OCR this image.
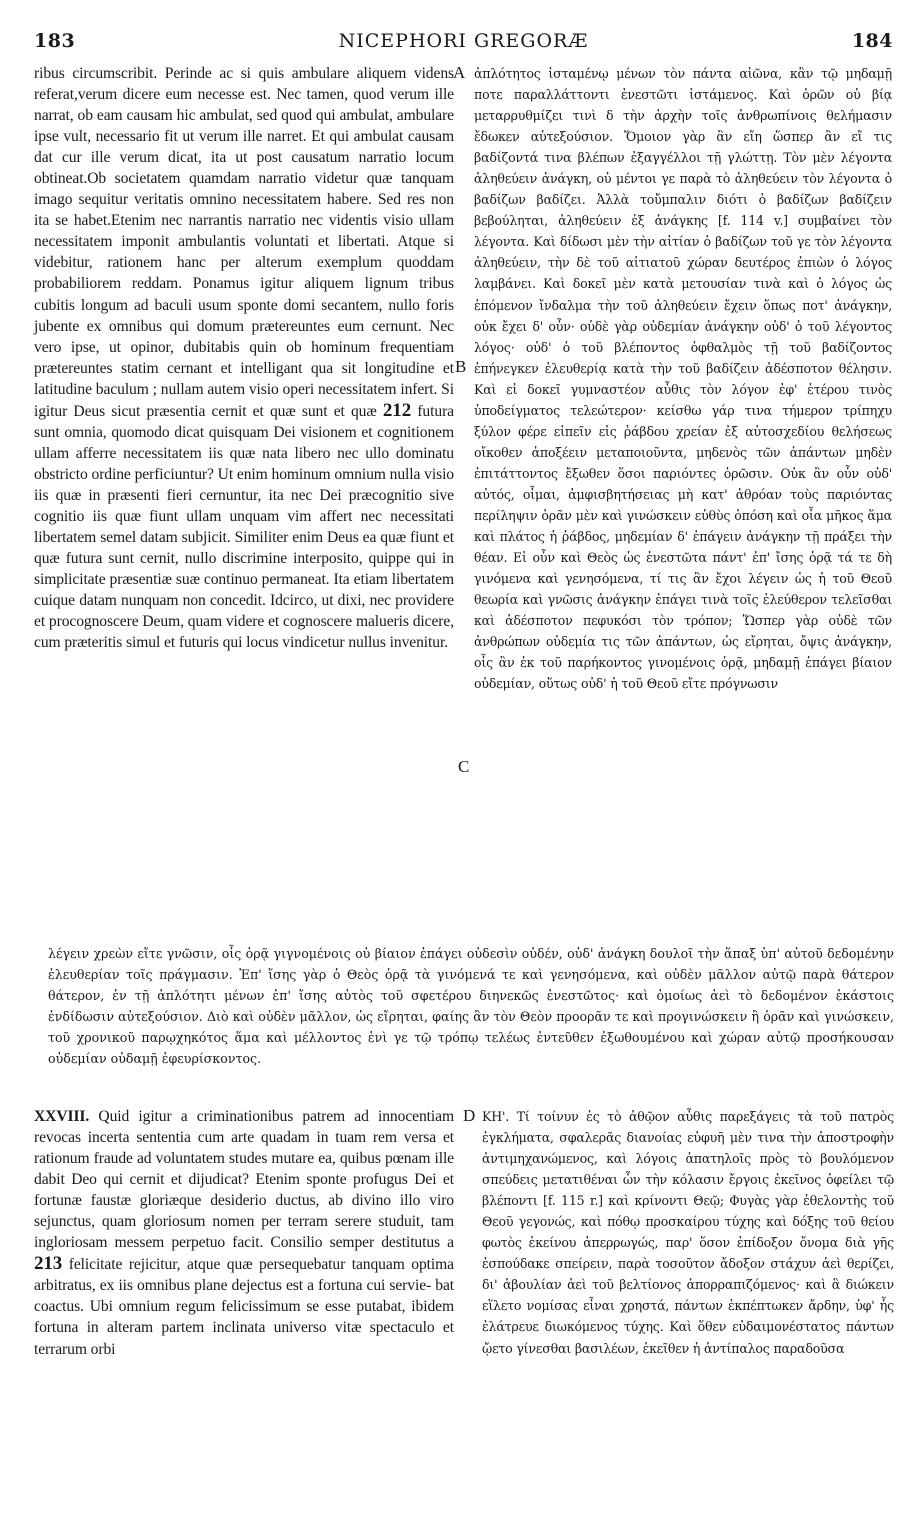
183	NICEPHORI GREGORÆ	184
ribus circumscribit. Perinde ac si quis ambulare aliquem videns referat,verum dicere eum necesse est. Nec tamen, quod verum ille narrat, ob eam causam hic ambulat, sed quod qui ambulat, ambulare ipse vult, necessario fit ut verum ille narret. Et qui ambulat causam dat cur ille verum dicat, ita ut post causatum narratio locum obtineat.Ob societatem quamdam narratio videtur quæ tanquam imago sequitur veritatis omnino necessitatem habere. Sed res non ita se habet.Etenim nec narrantis narratio nec videntis visio ullam necessitatem imponit ambulantis voluntati et libertati. Atque si videbitur, rationem hanc per alterum exemplum quoddam probabiliorem reddam. Ponamus igitur aliquem lignum tribus cubitis longum ad baculi usum sponte domi secantem, nullo foris jubente ex omnibus qui domum prætereuntes eum cernunt. Nec vero ipse, ut opinor, dubitabis quin ob hominum frequentiam prætereuntes statim cernant et intelligant qua sit longitudine et latitudine baculum ; nullam autem visio operi necessitatem infert. Si igitur Deus sicut præsentia cernit et quæ sunt et quæ 212 futura sunt omnia, quomodo dicat quisquam Dei visionem et cognitionem ullam afferre necessitatem iis quæ nata libero nec ullo dominatu obstricto ordine perficiuntur? Ut enim hominum omnium nulla visio iis quæ in præsenti fieri cernuntur, ita nec Dei præcognitio sive cognitio iis quæ fiunt ullam unquam vim affert nec necessitati libertatem semel datam subjicit. Similiter enim Deus ea quæ fiunt et quæ futura sunt cernit, nullo discrimine interposito, quippe qui in simplicitate præsentiæ suæ continuo permaneat. Ita etiam libertatem cuique datam nunquam non concedit. Idcirco, ut dixi, nec providere et procognoscere Deum, quam videre et cognoscere malueris dicere, cum præteritis simul et futuris qui locus vindicetur nullus invenitur.
A
B
C
D
ἀπλότητος ἱσταμένῳ μένων τὸν πάντα αἰῶνα, κἂν τῷ μηδαμῇ ποτε παραλλάττοντι ἐνεστῶτι ἱστάμενος. Καὶ ὁρῶν οὐ βίᾳ μεταρρυθμίζει τινὶ δ τὴν ἀρχὴν τοῖς ἀνθρωπίνοις θελήμασιν ἔδωκεν αὐτεξούσιον. Ὅμοιον γὰρ ἂν εἴη ὥσπερ ἂν εἴ τις βαδίζοντά τινα βλέπων ἐξαγγέλλοι τῇ γλώττῃ. Τὸν μὲν λέγοντα ἀληθεύειν ἀνάγκη, οὐ μέντοι γε παρὰ τὸ ἀληθεύειν τὸν λέγοντα ὁ βαδίζων βαδίζει. Ἀλλὰ τοὔμπαλιν διότι ὁ βαδίζων βαδίζειν βεβούληται, ἀληθεύειν ἐξ ἀνάγκης [f. 114 v.] συμβαίνει τὸν λέγοντα. Καὶ δίδωσι μὲν τὴν αἰτίαν ὁ βαδίζων τοῦ γε τὸν λέγοντα ἀληθεύειν, τὴν δὲ τοῦ αἰτιατοῦ χώραν δευτέρος ἐπιὼν ὁ λόγος λαμβάνει. Καὶ δοκεῖ μὲν κατὰ μετουσίαν τινὰ καὶ ὁ λόγος ὡς ἑπόμενον ἴνδαλμα τὴν τοῦ ἀληθεύειν ἔχειν ὅπως ποτ' ἀνάγκην, οὐκ ἔχει δ' οὖν· οὐδὲ γὰρ οὐδεμίαν ἀνάγκην οὐδ' ὁ τοῦ λέγοντος λόγος· οὐδ' ὁ τοῦ βλέποντος ὀφθαλμὸς τῇ τοῦ βαδίζοντος ἐπήνεγκεν ἐλευθερίᾳ κατὰ τὴν τοῦ βαδίζειν ἀδέσποτον θέλησιν. Καὶ εἰ δοκεῖ γυμναστέον αὖθις τὸν λόγον ἐφ' ἑτέρου τινὸς ὑποδείγματος τελεώτερον· κείσθω γάρ τινα τήμερον τρίπηχυ ξύλον φέρε εἰπεῖν εἰς ῥάβδου χρείαν ἐξ αὐτοσχεδίου θελήσεως οἴκοθεν ἀποξέειν μεταποιοῦντα, μηδενὸς τῶν ἁπάντων μηδὲν ἐπιτάττοντος ἔξωθεν ὅσοι παριόντες ὁρῶσιν. Οὐκ ἂν οὖν οὐδ' αὐτός, οἶμαι, ἀμφισβητήσειας μὴ κατ' ἀθρόαν τοὺς παριόντας περίληψιν ὁρᾶν μὲν καὶ γινώσκειν εὐθὺς ὁπόση καὶ οἷα μῆκος ἅμα καὶ πλάτος ἡ ῥάβδος, μηδεμίαν δ' ἐπάγειν ἀνάγκην τῇ πράξει τὴν θέαν. Εἰ οὖν καὶ Θεὸς ὡς ἐνεστῶτα πάντ' ἐπ' ἴσης ὁρᾷ τά τε δὴ γινόμενα καὶ γενησόμενα, τί τις ἂν ἔχοι λέγειν ὡς ἡ τοῦ Θεοῦ θεωρία καὶ γνῶσις ἀνάγκην ἐπάγει τινὰ τοῖς ἐλεύθερον τελεῖσθαι καὶ ἀδέσποτον πεφυκόσι τὸν τρόπον; Ὥσπερ γὰρ οὐδὲ τῶν ἀνθρώπων οὐδεμία τις τῶν ἁπάντων, ὡς εἴρηται, ὄψις ἀνάγκην, οἷς ἂν ἐκ τοῦ παρήκοντος γινομένοις ὁρᾷ, μηδαμῇ ἐπάγει βίαιον οὐδεμίαν, οὕτως οὐδ' ἡ τοῦ Θεοῦ εἴτε πρόγνωσιν
λέγειν χρεὼν εἴτε γνῶσιν, οἷς ὁρᾷ γιγνομένοις οὐ βίαιον ἐπάγει οὐδεσὶν οὐδέν, οὐδ' ἀνάγκη δουλοῖ τὴν ἅπαξ ὑπ' αὐτοῦ δεδομένην ἐλευθερίαν τοῖς πράγμασιν. Ἐπ' ἴσης γὰρ ὁ Θεὸς ὁρᾷ τὰ γινόμενά τε καὶ γενησόμενα, καὶ οὐδὲν μᾶλλον αὐτῷ παρὰ θάτερον θάτερον, ἐν τῇ ἁπλότητι μένων ἐπ' ἴσης αὐτὸς τοῦ σφετέρου διηνεκῶς ἐνεστῶτος· καὶ ὁμοίως ἀεὶ τὸ δεδομένον ἑκάστοις ἐνδίδωσιν αὐτεξούσιον. Διὸ καὶ οὐδὲν μᾶλλον, ὡς εἴρηται, φαίης ἂν τὸν Θεὸν προορᾶν τε καὶ προγινώσκειν ἢ ὁρᾶν καὶ γινώσκειν, τοῦ χρονικοῦ παρῳχηκότος ἅμα καὶ μέλλοντος ἑνὶ γε τῷ τρόπῳ τελέως ἐντεῦθεν ἐξωθουμένου καὶ χώραν αὐτῷ προσήκουσαν οὐδεμίαν οὐδαμῇ ἐφευρίσκοντος.
XXVIII. Quid igitur a criminationibus patrem ad innocentiam revocas incerta sententia cum arte quadam in tuam rem versa et rationum fraude ad voluntatem studes mutare ea, quibus pœnam ille dabit Deo qui cernit et dijudicat? Etenim sponte profugus Dei et fortunæ faustæ gloriæque desiderio ductus, ab divino illo viro sejunctus, quam gloriosum nomen per terram serere studuit, tam ingloriosam messem perpetuo facit. Consilio semper destitutus a 213 felicitate rejicitur, atque quæ persequebatur tanquam optima arbitratus, ex iis omnibus plane dejectus est a fortuna cui servie- bat coactus. Ubi omnium regum felicissimum se esse putabat, ibidem fortuna in alteram partem inclinata universo vitæ spectaculo et terrarum orbi
ΚΗ'. Τί τοίνυν ἐς τὸ ἀθῷον αὖθις παρεξάγεις τὰ τοῦ πατρὸς ἐγκλήματα, σφαλερᾶς διανοίας εὐφυῆ μὲν τινα τὴν ἀποστροφὴν ἀντιμηχανώμενος, καὶ λόγοις ἀπατηλοῖς πρὸς τὸ βουλόμενον σπεύδεις μετατιθέναι ὧν τὴν κόλασιν ἔργοις ἐκεῖνος ὀφείλει τῷ βλέποντι [f. 115 r.] καὶ κρίνοντι Θεῷ; Φυγὰς γὰρ ἐθελοντὴς τοῦ Θεοῦ γεγονώς, καὶ πόθῳ προσκαίρου τύχης καὶ δόξης τοῦ θείου φωτὸς ἐκείνου ἀπερρωγώς, παρ' ὅσον ἐπίδοξον ὄνομα διὰ γῆς ἐσπούδακε σπείρειν, παρὰ τοσοῦτον ἄδοξον στάχυν ἀεὶ θερίζει, δι' ἀβουλίαν ἀεὶ τοῦ βελτίονος ἀπορραπιζόμενος· καὶ ἃ διώκειν εἵλετο νομίσας εἶναι χρηστά, πάντων ἐκπέπτωκεν ἄρδην, ὑφ' ἧς ἐλάτρευε διωκόμενος τύχης. Καὶ ὅθεν εὐδαιμονέστατος πάντων ᾤετο γίνεσθαι βασιλέων, ἐκεῖθεν ἡ ἀντίπαλος παραδοῦσα
